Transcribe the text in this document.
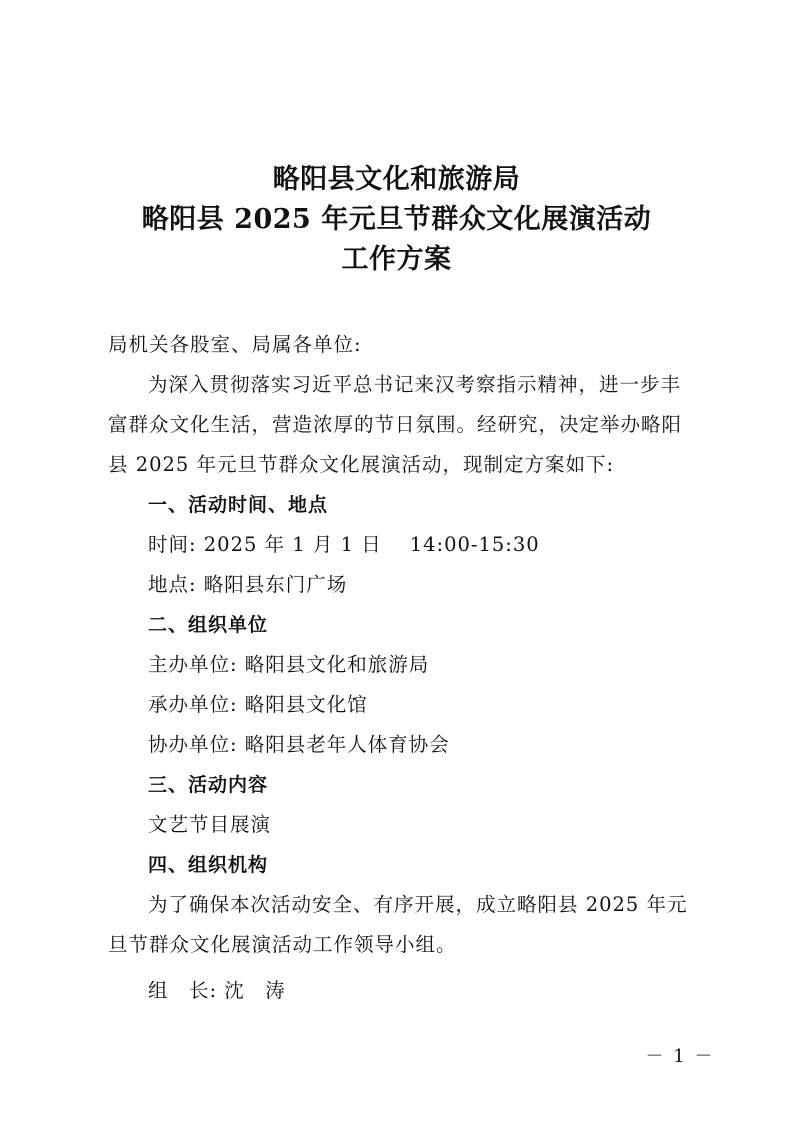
略阳县文化和旅游局
略阳县 2025 年元旦节群众文化展演活动
工作方案
局机关各股室、局属各单位:
为深入贯彻落实习近平总书记来汉考察指示精神，进一步丰
富群众文化生活，营造浓厚的节日氛围。经研究，决定举办略阳
县 2025 年元旦节群众文化展演活动，现制定方案如下:
一、活动时间、地点
时间: 2025 年 1 月 1 日 14:00-15:30
地点: 略阳县东门广场
二、组织单位
主办单位: 略阳县文化和旅游局
承办单位: 略阳县文化馆
协办单位: 略阳县老年人体育协会
三、活动内容
文艺节目展演
四、组织机构
为了确保本次活动安全、有序开展，成立略阳县 2025 年元
旦节群众文化展演活动工作领导小组。
组　长: 沈　涛
－ 1 －
